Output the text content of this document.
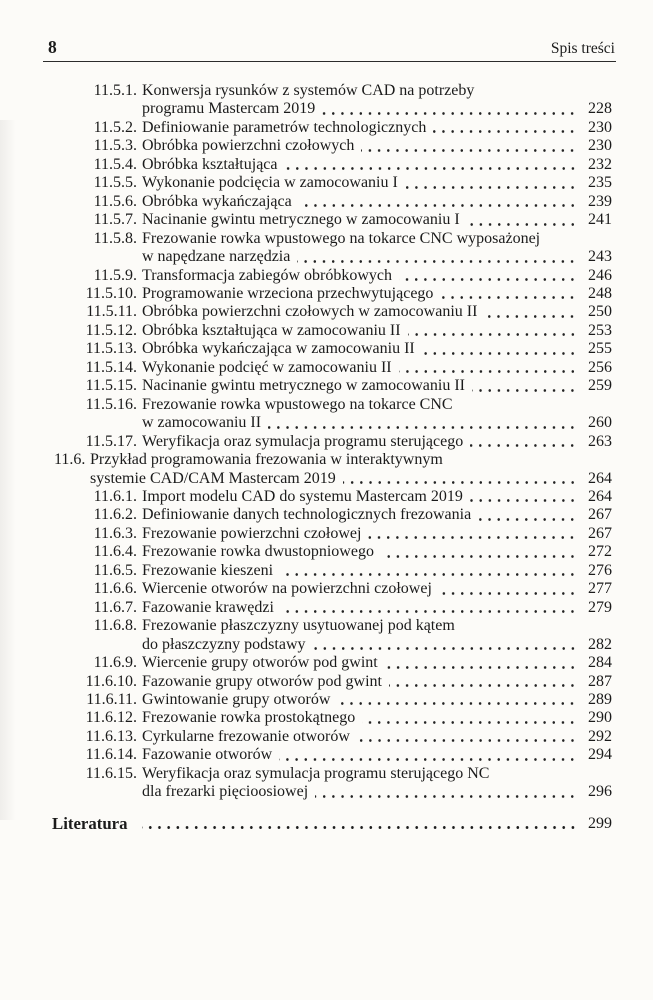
8	Spis treści
11.5.1. Konwersja rysunków z systemów CAD na potrzeby
programu Mastercam 2019	228
11.5.2. Definiowanie parametrów technologicznych	230
11.5.3. Obróbka powierzchni czołowych	230
11.5.4. Obróbka kształtująca	232
11.5.5. Wykonanie podcięcia w zamocowaniu I	235
11.5.6. Obróbka wykańczająca	239
11.5.7. Nacinanie gwintu metrycznego w zamocowaniu I	241
11.5.8. Frezowanie rowka wpustowego na tokarce CNC wyposażonej
w napędzane narzędzia	243
11.5.9. Transformacja zabiegów obróbkowych	246
11.5.10. Programowanie wrzeciona przechwytującego	248
11.5.11. Obróbka powierzchni czołowych w zamocowaniu II	250
11.5.12. Obróbka kształtująca w zamocowaniu II	253
11.5.13. Obróbka wykańczająca w zamocowaniu II	255
11.5.14. Wykonanie podcięć w zamocowaniu II	256
11.5.15. Nacinanie gwintu metrycznego w zamocowaniu II	259
11.5.16. Frezowanie rowka wpustowego na tokarce CNC
w zamocowaniu II	260
11.5.17. Weryfikacja oraz symulacja programu sterującego	263
11.6. Przykład programowania frezowania w interaktywnym
systemie CAD/CAM Mastercam 2019	264
11.6.1. Import modelu CAD do systemu Mastercam 2019	264
11.6.2. Definiowanie danych technologicznych frezowania	267
11.6.3. Frezowanie powierzchni czołowej	267
11.6.4. Frezowanie rowka dwustopniowego	272
11.6.5. Frezowanie kieszeni	276
11.6.6. Wiercenie otworów na powierzchni czołowej	277
11.6.7. Fazowanie krawędzi	279
11.6.8. Frezowanie płaszczyzny usytuowanej pod kątem
do płaszczyzny podstawy	282
11.6.9. Wiercenie grupy otworów pod gwint	284
11.6.10. Fazowanie grupy otworów pod gwint	287
11.6.11. Gwintowanie grupy otworów	289
11.6.12. Frezowanie rowka prostokątnego	290
11.6.13. Cyrkularne frezowanie otworów	292
11.6.14. Fazowanie otworów	294
11.6.15. Weryfikacja oraz symulacja programu sterującego NC
dla frezarki pięcioosiowej	296
Literatura	299
